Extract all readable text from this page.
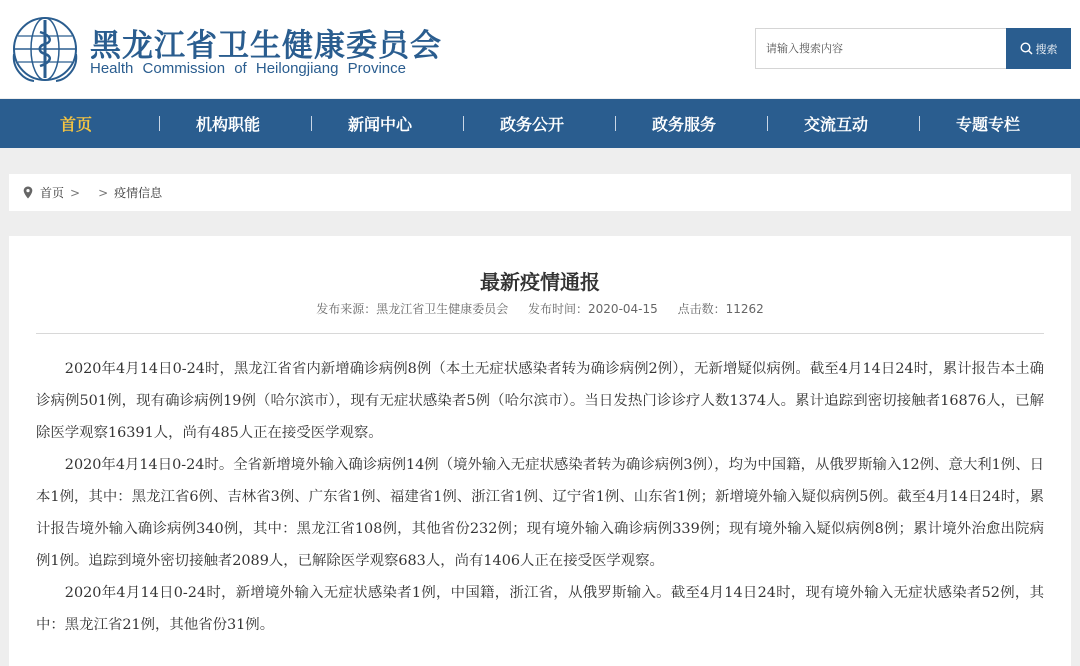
黑龙江省卫生健康委员会
Health Commission of Heilongjiang Province
请输入搜索内容
搜索
首页	机构职能	新闻中心	政务公开	政务服务	交流互动	专题专栏
首页 > > 疫情信息
最新疫情通报
发布来源：黑龙江省卫生健康委员会 发布时间：2020-04-15 点击数：11262

2020年4月14日0-24时，黑龙江省省内新增确诊病例8例（本土无症状感染者转为确诊病例2例），无新增疑似病例。截至4月14日24时，累计报告本土确诊病例501例，现有确诊病例19例（哈尔滨市），现有无症状感染者5例（哈尔滨市）。当日发热门诊诊疗人数1374人。累计追踪到密切接触者16876人，已解除医学观察16391人，尚有485人正在接受医学观察。

2020年4月14日0-24时。全省新增境外输入确诊病例14例（境外输入无症状感染者转为确诊病例3例），均为中国籍，从俄罗斯输入12例、意大利1例、日本1例，其中：黑龙江省6例、吉林省3例、广东省1例、福建省1例、浙江省1例、辽宁省1例、山东省1例；新增境外输入疑似病例5例。截至4月14日24时，累计报告境外输入确诊病例340例，其中：黑龙江省108例，其他省份232例；现有境外输入确诊病例339例；现有境外输入疑似病例8例；累计境外治愈出院病例1例。追踪到境外密切接触者2089人，已解除医学观察683人，尚有1406人正在接受医学观察。

2020年4月14日0-24时，新增境外输入无症状感染者1例，中国籍，浙江省，从俄罗斯输入。截至4月14日24时，现有境外输入无症状感染者52例，其中：黑龙江省21例，其他省份31例。
